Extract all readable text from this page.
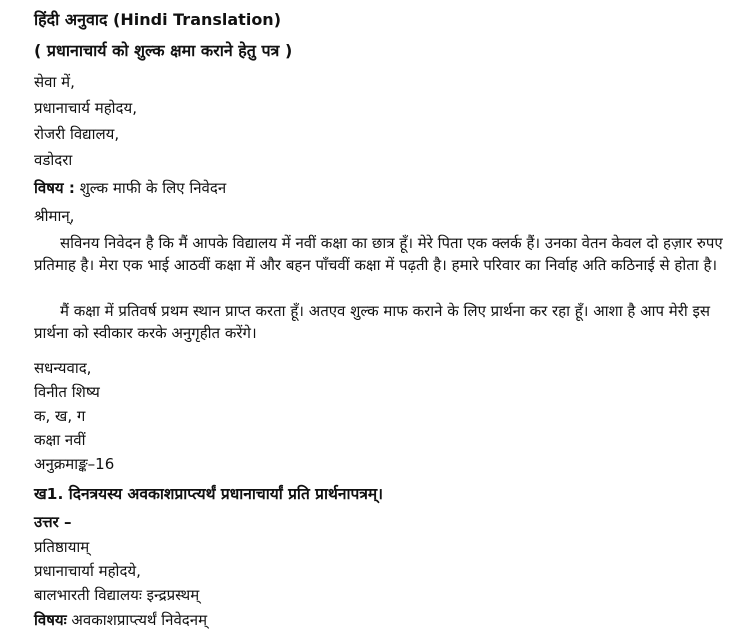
हिंदी अनुवाद (Hindi Translation)
( प्रधानाचार्य को शुल्क क्षमा कराने हेतु पत्र )
सेवा में,
प्रधानाचार्य महोदय,
रोजरी विद्यालय,
वडोदरा
विषय : शुल्क माफी के लिए निवेदन
श्रीमान्,
सविनय निवेदन है कि मैं आपके विद्यालय में नवीं कक्षा का छात्र हूँ। मेरे पिता एक क्लर्क हैं। उनका वेतन केवल दो हज़ार रुपए प्रतिमाह है। मेरा एक भाई आठवीं कक्षा में और बहन पाँचवीं कक्षा में पढ़ती है। हमारे परिवार का निर्वाह अति कठिनाई से होता है।
मैं कक्षा में प्रतिवर्ष प्रथम स्थान प्राप्त करता हूँ। अतएव शुल्क माफ कराने के लिए प्रार्थना कर रहा हूँ। आशा है आप मेरी इस प्रार्थना को स्वीकार करके अनुगृहीत करेंगे।
सधन्यवाद,
विनीत शिष्य
क, ख, ग
कक्षा नवीं
अनुक्रमाङ्क–16
ख1. दिनत्रयस्य अवकाशप्राप्त्यर्थं प्रधानाचार्यां प्रति प्रार्थनापत्रम्।
उत्तर –
प्रतिष्ठायाम्
प्रधानाचार्या महोदये,
बालभारती विद्यालयः इन्द्रप्रस्थम्
विषयः अवकाशप्राप्त्यर्थं निवेदनम्
